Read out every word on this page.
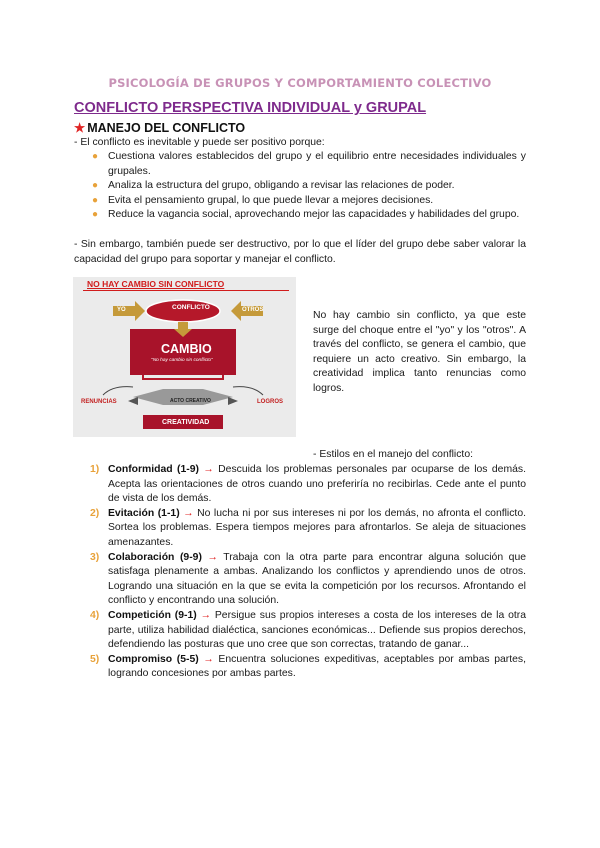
PSICOLOGÍA DE GRUPOS Y COMPORTAMIENTO COLECTIVO
CONFLICTO PERSPECTIVA INDIVIDUAL y GRUPAL
★ MANEJO DEL CONFLICTO
- El conflicto es inevitable y puede ser positivo porque:
● Cuestiona valores establecidos del grupo y el equilibrio entre necesidades individuales y grupales.
● Analiza la estructura del grupo, obligando a revisar las relaciones de poder.
● Evita el pensamiento grupal, lo que puede llevar a mejores decisiones.
● Reduce la vagancia social, aprovechando mejor las capacidades y habilidades del grupo.
- Sin embargo, también puede ser destructivo, por lo que el líder del grupo debe saber valorar la capacidad del grupo para soportar y manejar el conflicto.
NO HAY CAMBIO SIN CONFLICTO
YO	OTROS
CONFLICTO
CAMBIO
"No hay cambio sin conflicto"
RENUNCIAS	LOGROS
ACTO CREATIVO
CREATIVIDAD
No hay cambio sin conflicto, ya que este surge del choque entre el "yo" y los "otros". A través del conflicto, se genera el cambio, que requiere un acto creativo. Sin embargo, la creatividad implica tanto renuncias como logros.
- Estilos en el manejo del conflicto:
1) Conformidad (1-9) → Descuida los problemas personales par ocuparse de los demás. Acepta las orientaciones de otros cuando uno preferiría no recibirlas. Cede ante el punto de vista de los demás.
2) Evitación (1-1) → No lucha ni por sus intereses ni por los demás, no afronta el conflicto. Sortea los problemas. Espera tiempos mejores para afrontarlos. Se aleja de situaciones amenazantes.
3) Colaboración (9-9) → Trabaja con la otra parte para encontrar alguna solución que satisfaga plenamente a ambas. Analizando los conflictos y aprendiendo unos de otros. Logrando una situación en la que se evita la competición por los recursos. Afrontando el conflicto y encontrando una solución.
4) Competición (9-1) → Persigue sus propios intereses a costa de los intereses de la otra parte, utiliza habilidad dialéctica, sanciones económicas... Defiende sus propios derechos, defendiendo las posturas que uno cree que son correctas, tratando de ganar...
5) Compromiso (5-5) → Encuentra soluciones expeditivas, aceptables por ambas partes, logrando concesiones por ambas partes.
